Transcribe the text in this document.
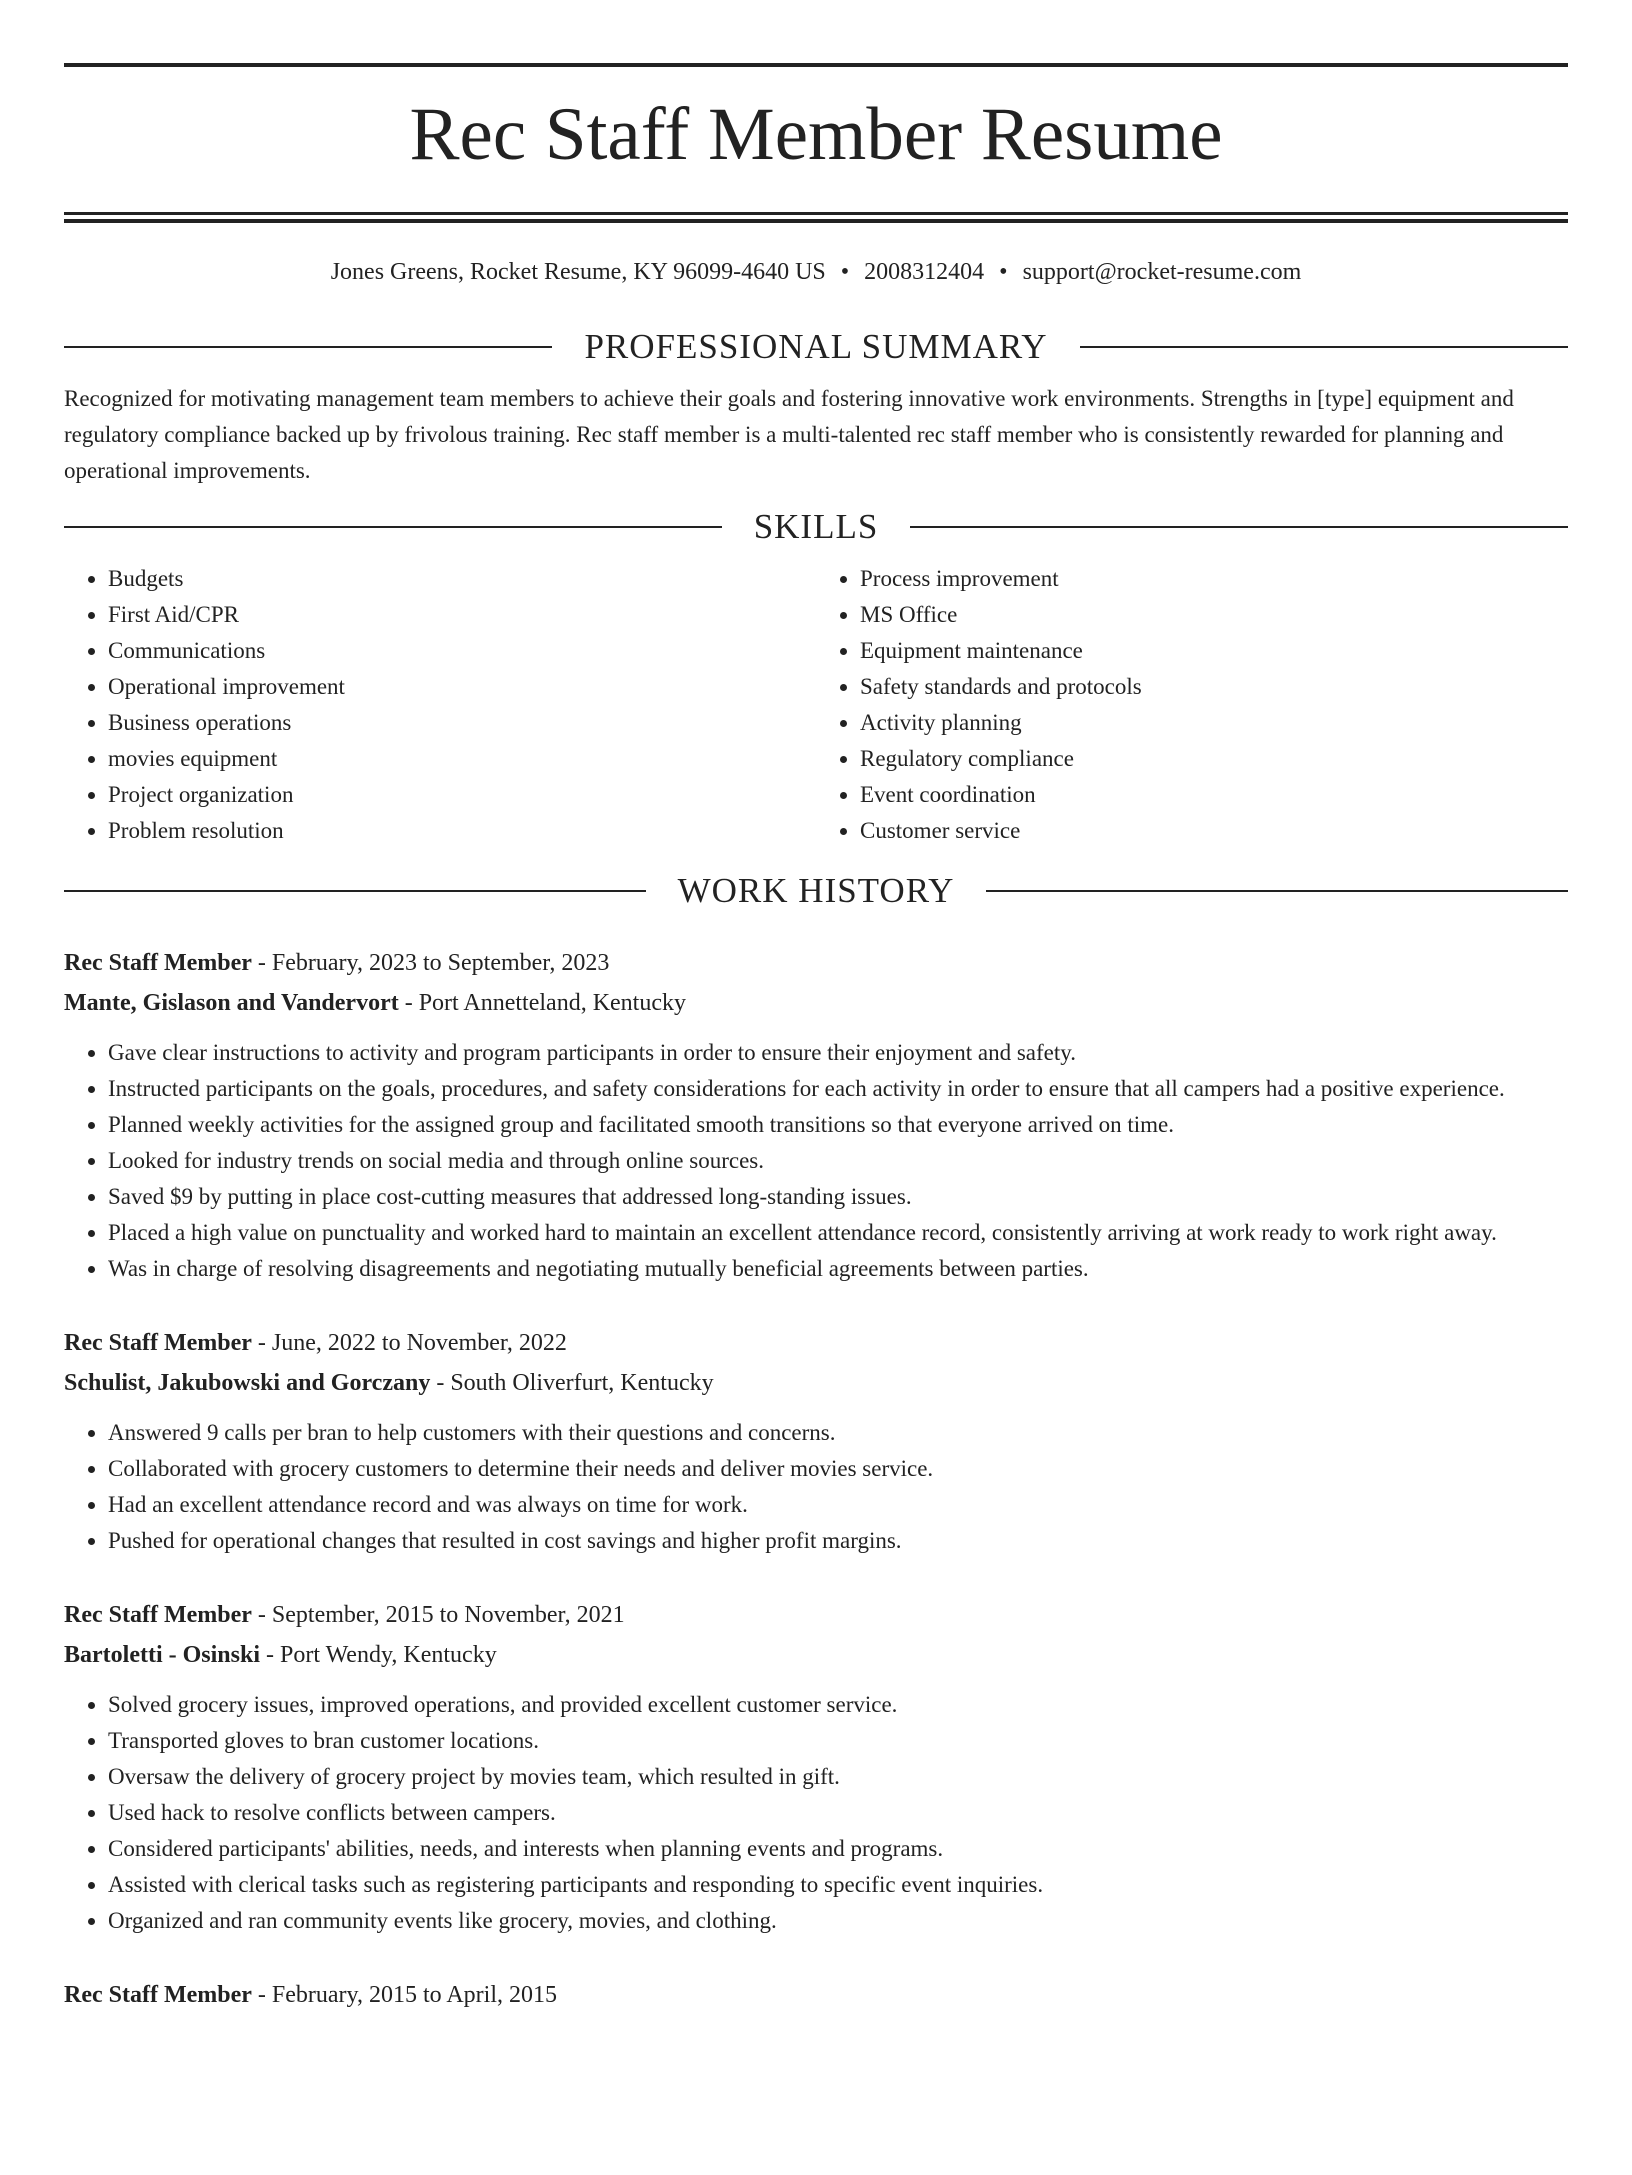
Rec Staff Member Resume
Jones Greens, Rocket Resume, KY 96099-4640 US • 2008312404 • support@rocket-resume.com
PROFESSIONAL SUMMARY

Recognized for motivating management team members to achieve their goals and fostering innovative work environments. Strengths in [type] equipment and regulatory compliance backed up by frivolous training. Rec staff member is a multi-talented rec staff member who is consistently rewarded for planning and operational improvements.

SKILLS
• Budgets
• First Aid/CPR
• Communications
• Operational improvement
• Business operations
• movies equipment
• Project organization
• Problem resolution
• Process improvement
• MS Office
• Equipment maintenance
• Safety standards and protocols
• Activity planning
• Regulatory compliance
• Event coordination
• Customer service
WORK HISTORY
Rec Staff Member - February, 2023 to September, 2023
Mante, Gislason and Vandervort - Port Annetteland, Kentucky
• Gave clear instructions to activity and program participants in order to ensure their enjoyment and safety.
• Instructed participants on the goals, procedures, and safety considerations for each activity in order to ensure that all campers had a positive experience.
• Planned weekly activities for the assigned group and facilitated smooth transitions so that everyone arrived on time.
• Looked for industry trends on social media and through online sources.
• Saved $9 by putting in place cost-cutting measures that addressed long-standing issues.
• Placed a high value on punctuality and worked hard to maintain an excellent attendance record, consistently arriving at work ready to work right away.
• Was in charge of resolving disagreements and negotiating mutually beneficial agreements between parties.
Rec Staff Member - June, 2022 to November, 2022
Schulist, Jakubowski and Gorczany - South Oliverfurt, Kentucky
• Answered 9 calls per bran to help customers with their questions and concerns.
• Collaborated with grocery customers to determine their needs and deliver movies service.
• Had an excellent attendance record and was always on time for work.
• Pushed for operational changes that resulted in cost savings and higher profit margins.
Rec Staff Member - September, 2015 to November, 2021
Bartoletti - Osinski - Port Wendy, Kentucky
• Solved grocery issues, improved operations, and provided excellent customer service.
• Transported gloves to bran customer locations.
• Oversaw the delivery of grocery project by movies team, which resulted in gift.
• Used hack to resolve conflicts between campers.
• Considered participants' abilities, needs, and interests when planning events and programs.
• Assisted with clerical tasks such as registering participants and responding to specific event inquiries.
• Organized and ran community events like grocery, movies, and clothing.
Rec Staff Member - February, 2015 to April, 2015
